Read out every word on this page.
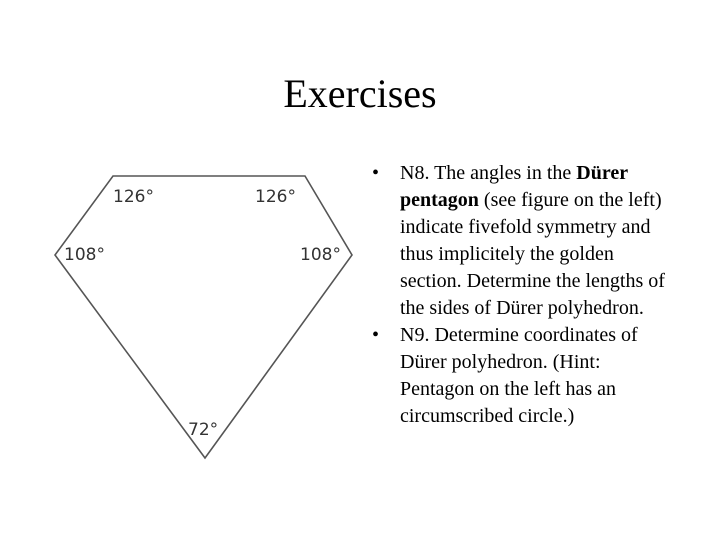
Exercises
126°	126°
108°	108°
72°
•	N8. The angles in the Dürer pentagon (see figure on the left) indicate fivefold symmetry and thus implicitely the golden section. Determine the lengths of the sides of Dürer polyhedron.
•	N9. Determine coordinates of Dürer polyhedron. (Hint: Pentagon on the left has an circumscribed circle.)
